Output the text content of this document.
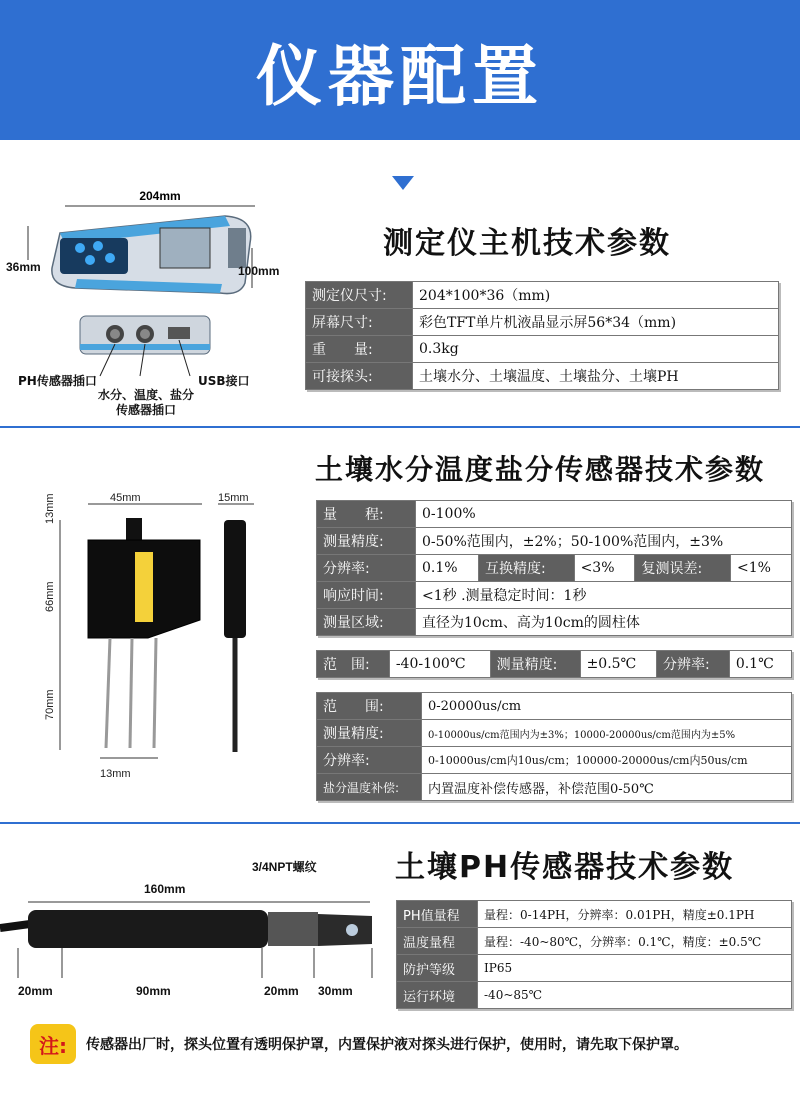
仪器配置
204mm
36mm	100mm
PH传感器插口
水分、温度、盐分
传感器插口
USB接口
测定仪主机技术参数
测定仪尺寸:	204*100*36（mm)
屏幕尺寸:	彩色TFT单片机液晶显示屏56*34（mm)
重　　量:	0.3kg
可接探头:	土壤水分、土壤温度、土壤盐分、土壤PH
土壤水分温度盐分传感器技术参数
45mm	15mm
13mm
66mm
70mm
13mm
量　　程:	0-100%				
测量精度:	0-50%范围内，±2%；50-100%范围内，±3%				
分辨率:	0.1%	互换精度:	<3%	复测误差:	<1%
响应时间:	<1秒 .测量稳定时间：1秒				
测量区域:	直径为10cm、高为10cm的圆柱体				
范　围:	-40-100℃	测量精度:	±0.5℃	分辨率:	0.1℃
范　　围:	0-20000us/cm
测量精度:	0-10000us/cm范围内为±3%；10000-20000us/cm范围内为±5%
分辨率:	0-10000us/cm内10us/cm；100000-20000us/cm内50us/cm
盐分温度补偿:	内置温度补偿传感器，补偿范围0-50℃
土壤PH传感器技术参数
3/4NPT螺纹
160mm
20mm	90mm	20mm 30mm
PH值量程	量程：0-14PH，分辨率：0.01PH，精度±0.1PH
温度量程	量程：-40~80℃，分辨率：0.1℃，精度：±0.5℃
防护等级	IP65
运行环境	-40~85℃
注:	传感器出厂时，探头位置有透明保护罩，内置保护液对探头进行保护，使用时，请先取下保护罩。
